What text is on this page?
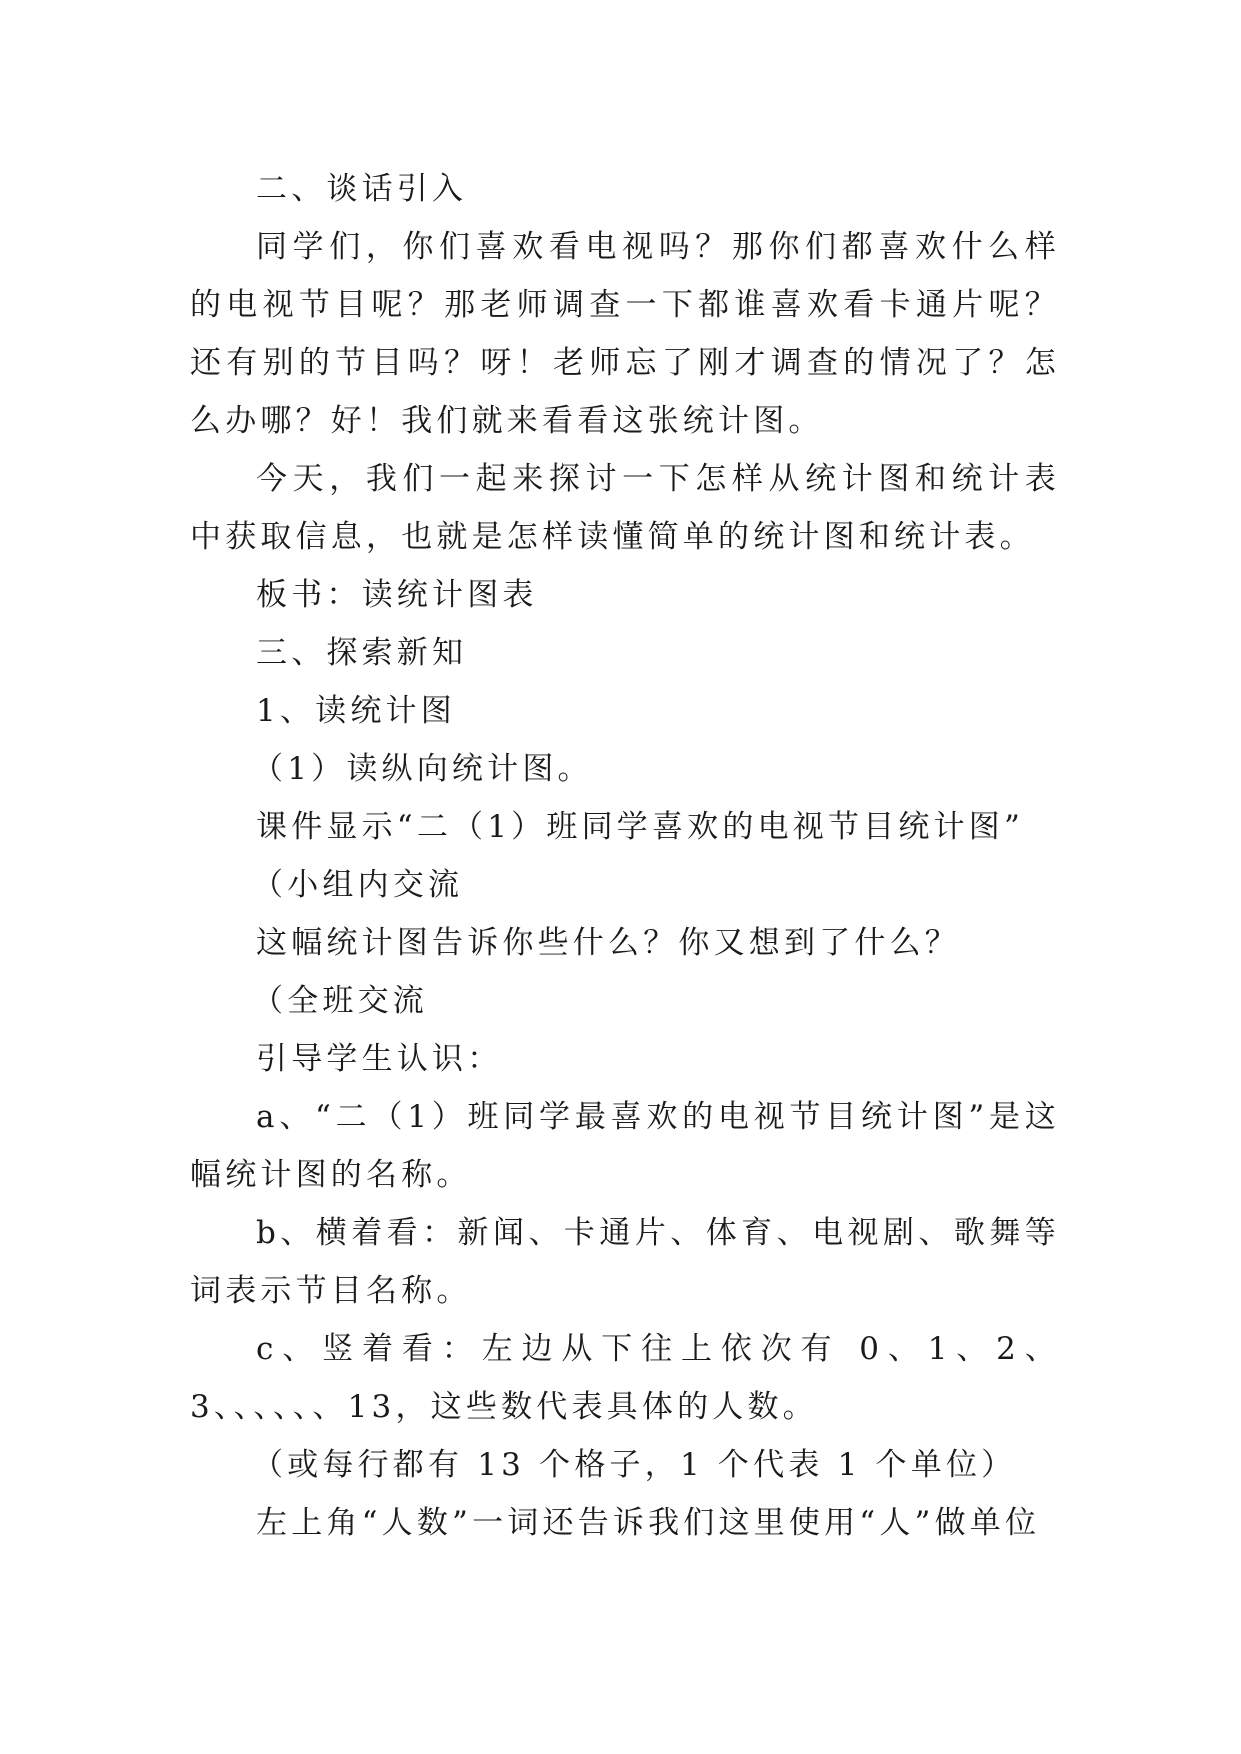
二、谈话引入

同学们，你们喜欢看电视吗？那你们都喜欢什么样的电视节目呢？那老师调查一下都谁喜欢看卡通片呢？还有别的节目吗？呀！老师忘了刚才调查的情况了？怎么办哪？好！我们就来看看这张统计图。

今天，我们一起来探讨一下怎样从统计图和统计表中获取信息，也就是怎样读懂简单的统计图和统计表。

板书：读统计图表

三、探索新知

1、读统计图

（1）读纵向统计图。

课件显示“二（1）班同学喜欢的电视节目统计图”

（小组内交流

这幅统计图告诉你些什么？你又想到了什么？

（全班交流

引导学生认识：

a、“二（1）班同学最喜欢的电视节目统计图”是这幅统计图的名称。

b、横着看：新闻、卡通片、体育、电视剧、歌舞等词表示节目名称。

c、竖着看：左边从下往上依次有 0、1、2、3、、、、、、13，这些数代表具体的人数。

（或每行都有 13 个格子，1 个代表 1 个单位）

左上角“人数”一词还告诉我们这里使用“人”做单位
